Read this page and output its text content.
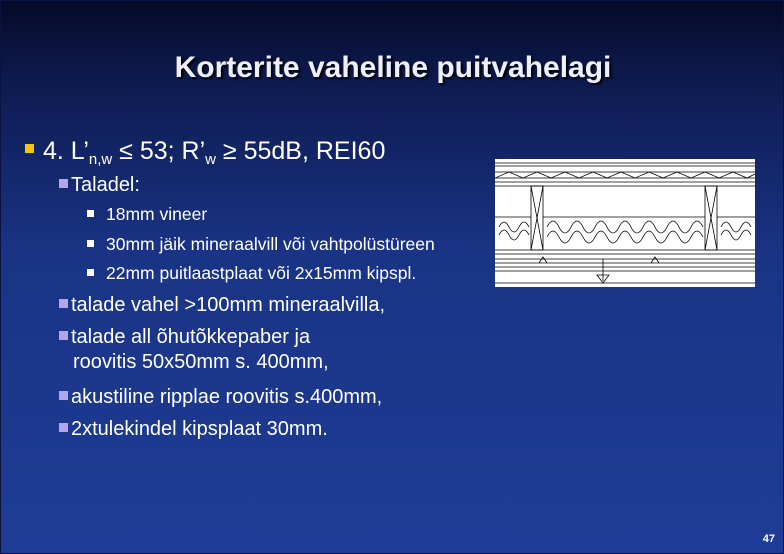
Korterite vaheline puitvahelagi
4. $L’_{n,w} \le 53$; $R’_w \ge 55dB$, REI60
Taladel:
18mm vineer
30mm jäik mineraalvill või vahtpolüstüreen
22mm puitlaastplaat või 2x15mm kipspl.
talade vahel >100mm mineraalvilla,
talade all õhutõkkepaber ja
roovitis 50x50mm s. 400mm,
akustiline ripplae roovitis s.400mm,
2xtulekindel kipsplaat 30mm.
47
